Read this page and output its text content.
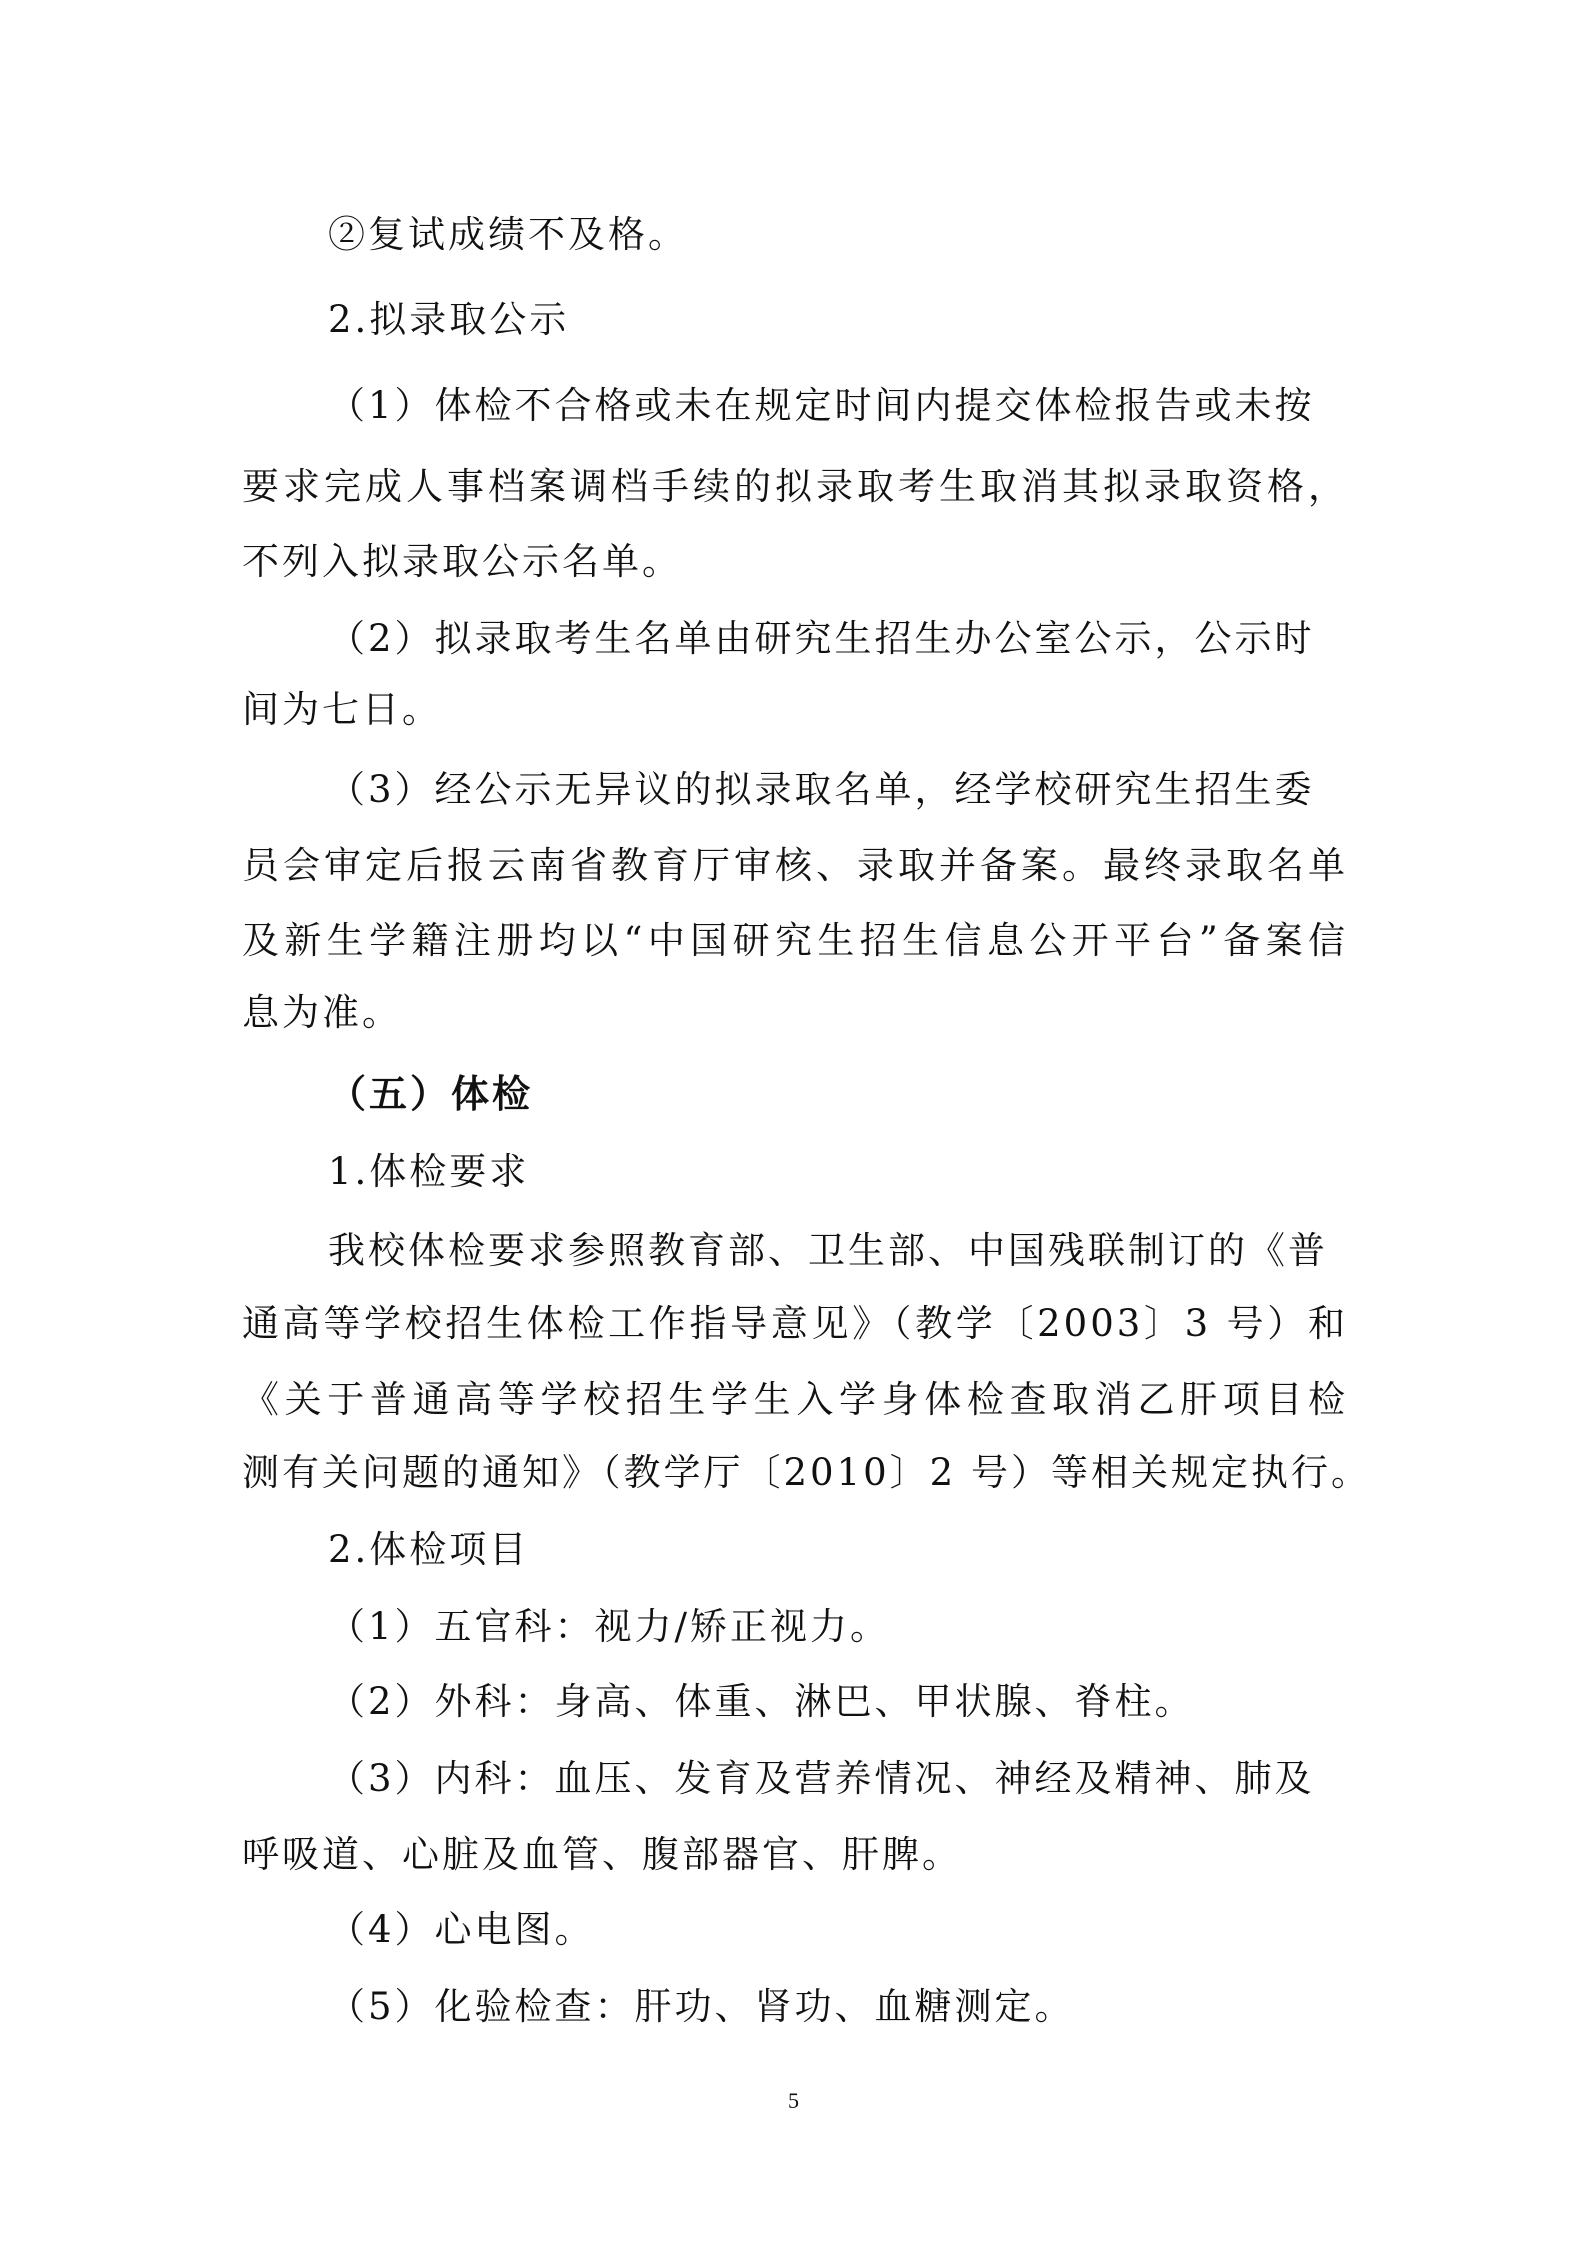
②复试成绩不及格。
2.拟录取公示
（1）体检不合格或未在规定时间内提交体检报告或未按
要求完成人事档案调档手续的拟录取考生取消其拟录取资格，
不列入拟录取公示名单。
（2）拟录取考生名单由研究生招生办公室公示，公示时
间为七日。
（3）经公示无异议的拟录取名单，经学校研究生招生委
员会审定后报云南省教育厅审核、录取并备案。最终录取名单
及新生学籍注册均以“中国研究生招生信息公开平台”备案信
息为准。
（五）体检
1.体检要求
我校体检要求参照教育部、卫生部、中国残联制订的《普
通高等学校招生体检工作指导意见》（教学〔2003〕3 号）和
《关于普通高等学校招生学生入学身体检查取消乙肝项目检
测有关问题的通知》（教学厅〔2010〕2 号）等相关规定执行。
2.体检项目
（1）五官科：视力/矫正视力。
（2）外科：身高、体重、淋巴、甲状腺、脊柱。
（3）内科：血压、发育及营养情况、神经及精神、肺及
呼吸道、心脏及血管、腹部器官、肝脾。
（4）心电图。
（5）化验检查：肝功、肾功、血糖测定。
5
